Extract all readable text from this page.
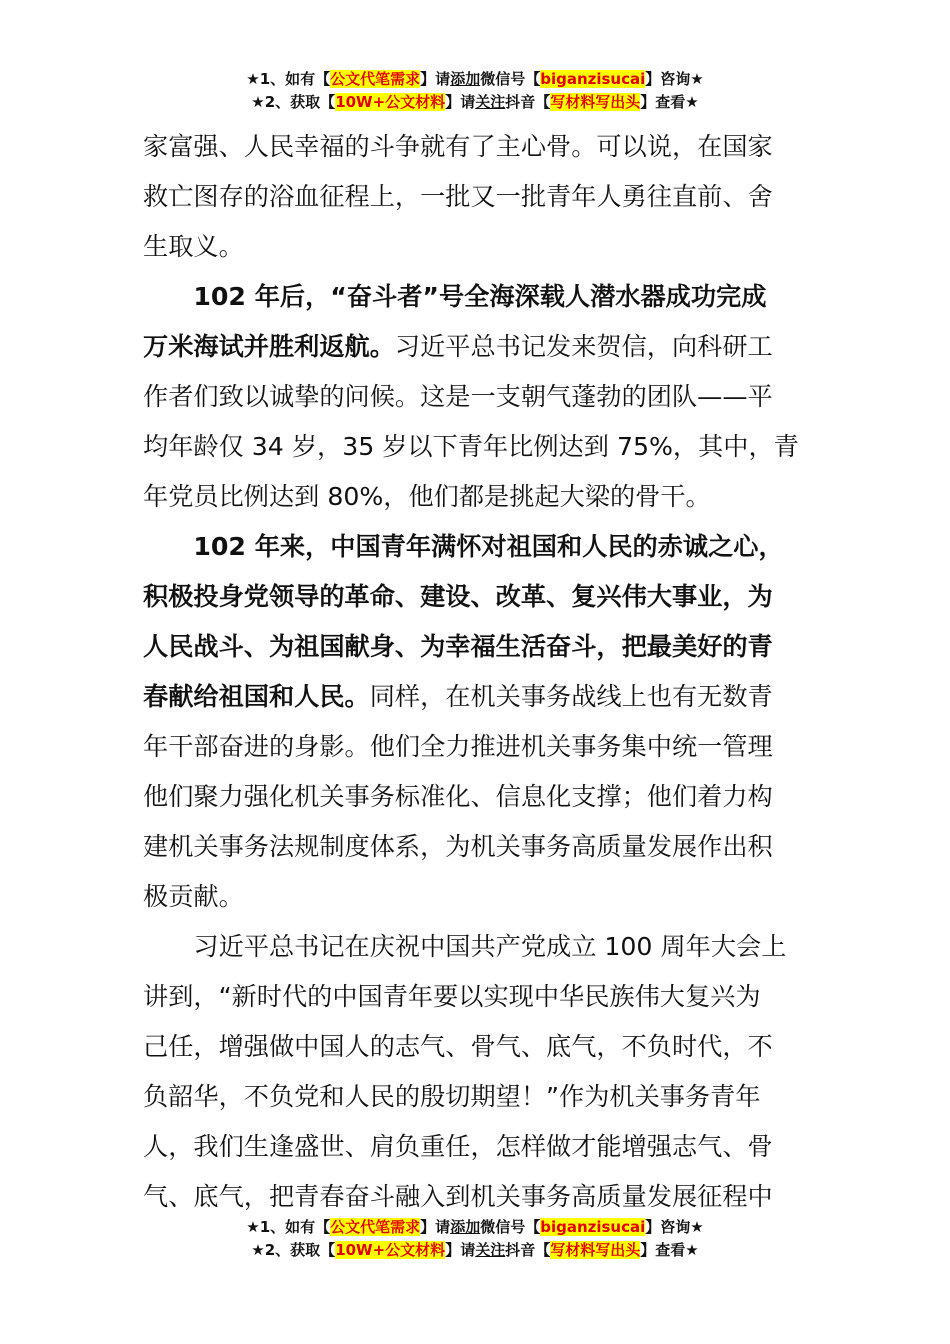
★1、如有【公文代笔需求】请添加微信号【biganzisucai】咨询★
★2、获取【10W+公文材料】请关注抖音【写材料写出头】查看★
家富强、人民幸福的斗争就有了主心骨。可以说，在国家
救亡图存的浴血征程上，一批又一批青年人勇往直前、舍
生取义。
　　102 年后，“奋斗者”号全海深载人潜水器成功完成
万米海试并胜利返航。习近平总书记发来贺信，向科研工
作者们致以诚挚的问候。这是一支朝气蓬勃的团队——平
均年龄仅 34 岁，35 岁以下青年比例达到 75%，其中，青
年党员比例达到 80%，他们都是挑起大梁的骨干。
　　102 年来，中国青年满怀对祖国和人民的赤诚之心，
积极投身党领导的革命、建设、改革、复兴伟大事业，为
人民战斗、为祖国献身、为幸福生活奋斗，把最美好的青
春献给祖国和人民。同样，在机关事务战线上也有无数青
年干部奋进的身影。他们全力推进机关事务集中统一管理
他们聚力强化机关事务标准化、信息化支撑；他们着力构
建机关事务法规制度体系，为机关事务高质量发展作出积
极贡献。
　　习近平总书记在庆祝中国共产党成立 100 周年大会上
讲到，“新时代的中国青年要以实现中华民族伟大复兴为
己任，增强做中国人的志气、骨气、底气，不负时代，不
负韶华，不负党和人民的殷切期望！”作为机关事务青年
人，我们生逢盛世、肩负重任，怎样做才能增强志气、骨
气、底气，把青春奋斗融入到机关事务高质量发展征程中
★1、如有【公文代笔需求】请添加微信号【biganzisucai】咨询★
★2、获取【10W+公文材料】请关注抖音【写材料写出头】查看★
